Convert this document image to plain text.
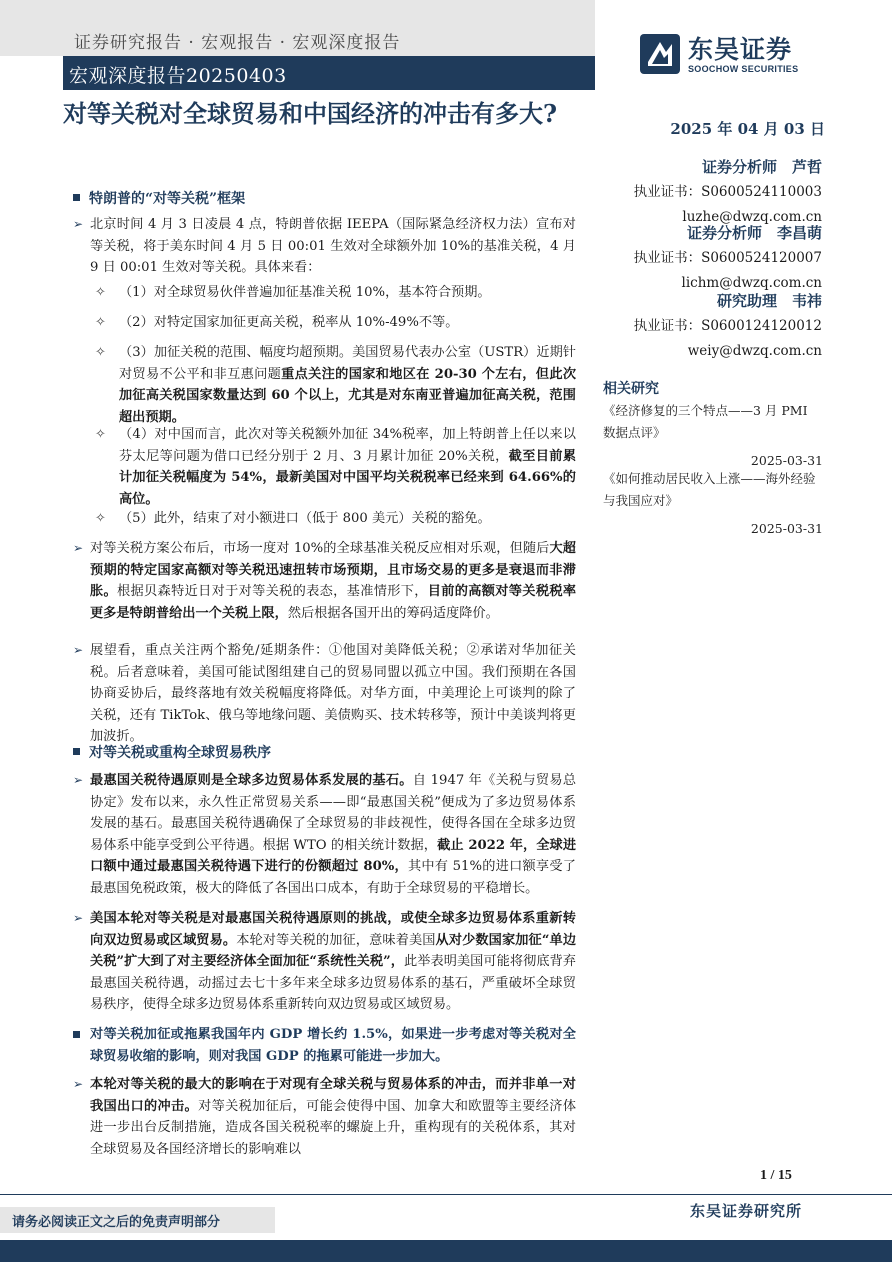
证券研究报告 · 宏观报告 · 宏观深度报告
宏观深度报告20250403
东吴证券
SOOCHOW SECURITIES
对等关税对全球贸易和中国经济的冲击有多大?
2025 年 04 月 03 日
证券分析师　芦哲
执业证书：S0600524110003
luzhe@dwzq.com.cn
证券分析师　李昌萌
执业证书：S0600524120007
lichm@dwzq.com.cn
研究助理　韦祎
执业证书：S0600124120012
weiy@dwzq.com.cn
相关研究
《经济修复的三个特点——3 月 PMI 数据点评》
2025-03-31
《如何推动居民收入上涨——海外经验与我国应对》
2025-03-31
特朗普的“对等关税”框架
➢ 北京时间 4 月 3 日凌晨 4 点，特朗普依据 IEEPA（国际紧急经济权力法）宣布对等关税，将于美东时间 4 月 5 日 00:01 生效对全球额外加 10%的基准关税，4 月 9 日 00:01 生效对等关税。具体来看：
✧ （1）对全球贸易伙伴普遍加征基准关税 10%，基本符合预期。
✧ （2）对特定国家加征更高关税，税率从 10%-49%不等。
✧ （3）加征关税的范围、幅度均超预期。美国贸易代表办公室（USTR）近期针对贸易不公平和非互惠问题重点关注的国家和地区在 20-30 个左右，但此次加征高关税国家数量达到 60 个以上，尤其是对东南亚普遍加征高关税，范围超出预期。
✧ （4）对中国而言，此次对等关税额外加征 34%税率，加上特朗普上任以来以芬太尼等问题为借口已经分别于 2 月、3 月累计加征 20%关税，截至目前累计加征关税幅度为 54%，最新美国对中国平均关税税率已经来到 64.66%的高位。
✧ （5）此外，结束了对小额进口（低于 800 美元）关税的豁免。
➢ 对等关税方案公布后，市场一度对 10%的全球基准关税反应相对乐观，但随后大超预期的特定国家高额对等关税迅速扭转市场预期，且市场交易的更多是衰退而非滞胀。根据贝森特近日对于对等关税的表态，基准情形下，目前的高额对等关税税率更多是特朗普给出一个关税上限，然后根据各国开出的筹码适度降价。
➢ 展望看，重点关注两个豁免/延期条件：①他国对美降低关税；②承诺对华加征关税。后者意味着，美国可能试图组建自己的贸易同盟以孤立中国。我们预期在各国协商妥协后，最终落地有效关税幅度将降低。对华方面，中美理论上可谈判的除了关税，还有 TikTok、俄乌等地缘问题、美债购买、技术转移等，预计中美谈判将更加波折。
对等关税或重构全球贸易秩序
➢ 最惠国关税待遇原则是全球多边贸易体系发展的基石。自 1947 年《关税与贸易总协定》发布以来，永久性正常贸易关系——即“最惠国关税”便成为了多边贸易体系发展的基石。最惠国关税待遇确保了全球贸易的非歧视性，使得各国在全球多边贸易体系中能享受到公平待遇。根据 WTO 的相关统计数据，截止 2022 年，全球进口额中通过最惠国关税待遇下进行的份额超过 80%，其中有 51%的进口额享受了最惠国免税政策，极大的降低了各国出口成本，有助于全球贸易的平稳增长。
➢ 美国本轮对等关税是对最惠国关税待遇原则的挑战，或使全球多边贸易体系重新转向双边贸易或区域贸易。本轮对等关税的加征，意味着美国从对少数国家加征“单边关税”扩大到了对主要经济体全面加征“系统性关税”，此举表明美国可能将彻底背弃最惠国关税待遇，动摇过去七十多年来全球多边贸易体系的基石，严重破坏全球贸易秩序，使得全球多边贸易体系重新转向双边贸易或区域贸易。
对等关税加征或拖累我国年内 GDP 增长约 1.5%，如果进一步考虑对等关税对全球贸易收缩的影响，则对我国 GDP 的拖累可能进一步加大。
➢ 本轮对等关税的最大的影响在于对现有全球关税与贸易体系的冲击，而并非单一对我国出口的冲击。对等关税加征后，可能会使得中国、加拿大和欧盟等主要经济体进一步出台反制措施，造成各国关税税率的螺旋上升，重构现有的关税体系，其对全球贸易及各国经济增长的影响难以
1 / 15
东吴证券研究所
请务必阅读正文之后的免责声明部分
